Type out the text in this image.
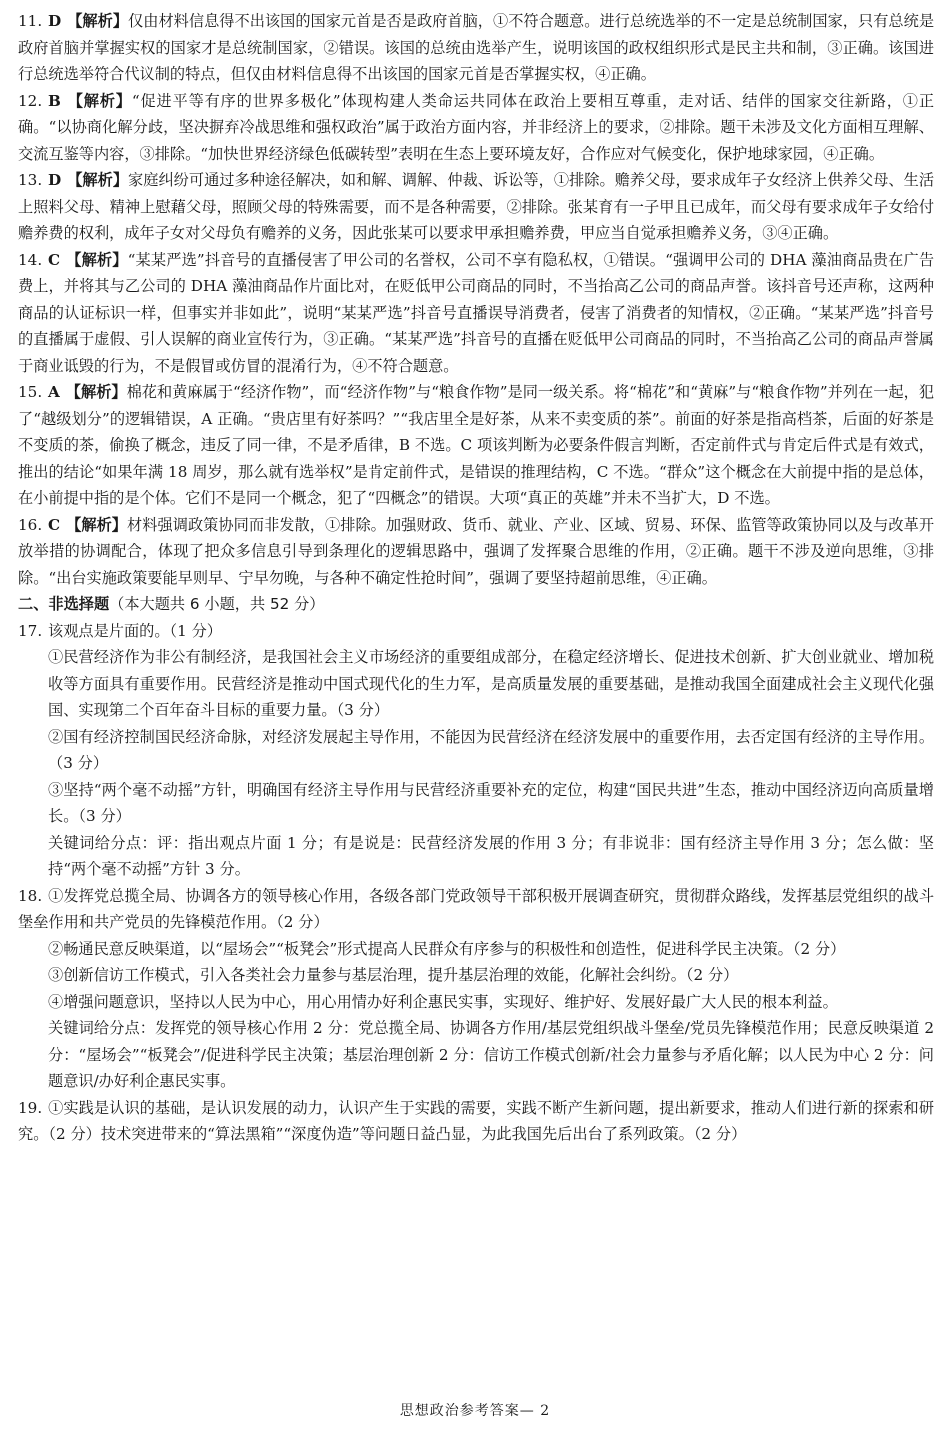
11. D 【解析】仅由材料信息得不出该国的国家元首是否是政府首脑，①不符合题意。进行总统选举的不一定是总统制国家，只有总统是政府首脑并掌握实权的国家才是总统制国家，②错误。该国的总统由选举产生，说明该国的政权组织形式是民主共和制，③正确。该国进行总统选举符合代议制的特点，但仅由材料信息得不出该国的国家元首是否掌握实权，④正确。
12. B 【解析】“促进平等有序的世界多极化”体现构建人类命运共同体在政治上要相互尊重，走对话、结伴的国家交往新路，①正确。“以协商化解分歧，坚决摒弃冷战思维和强权政治”属于政治方面内容，并非经济上的要求，②排除。题干未涉及文化方面相互理解、交流互鉴等内容，③排除。“加快世界经济绿色低碳转型”表明在生态上要环境友好，合作应对气候变化，保护地球家园，④正确。
13. D 【解析】家庭纠纷可通过多种途径解决，如和解、调解、仲裁、诉讼等，①排除。赡养父母，要求成年子女经济上供养父母、生活上照料父母、精神上慰藉父母，照顾父母的特殊需要，而不是各种需要，②排除。张某育有一子甲且已成年，而父母有要求成年子女给付赡养费的权利，成年子女对父母负有赡养的义务，因此张某可以要求甲承担赡养费，甲应当自觉承担赡养义务，③④正确。
14. C 【解析】“某某严选”抖音号的直播侵害了甲公司的名誉权，公司不享有隐私权，①错误。“强调甲公司的 DHA 藻油商品贵在广告费上，并将其与乙公司的 DHA 藻油商品作片面比对，在贬低甲公司商品的同时，不当抬高乙公司的商品声誉。该抖音号还声称，这两种商品的认证标识一样，但事实并非如此”，说明“某某严选”抖音号直播误导消费者，侵害了消费者的知情权，②正确。“某某严选”抖音号的直播属于虚假、引人误解的商业宣传行为，③正确。“某某严选”抖音号的直播在贬低甲公司商品的同时，不当抬高乙公司的商品声誉属于商业诋毁的行为，不是假冒或仿冒的混淆行为，④不符合题意。
15. A 【解析】棉花和黄麻属于“经济作物”，而“经济作物”与“粮食作物”是同一级关系。将“棉花”和“黄麻”与“粮食作物”并列在一起，犯了“越级划分”的逻辑错误，A 正确。“贵店里有好茶吗？”“我店里全是好茶，从来不卖变质的茶”。前面的好茶是指高档茶，后面的好茶是不变质的茶，偷换了概念，违反了同一律，不是矛盾律，B 不选。C 项该判断为必要条件假言判断，否定前件式与肯定后件式是有效式，推出的结论“如果年满 18 周岁，那么就有选举权”是肯定前件式，是错误的推理结构，C 不选。“群众”这个概念在大前提中指的是总体，在小前提中指的是个体。它们不是同一个概念，犯了“四概念”的错误。大项“真正的英雄”并未不当扩大，D 不选。
16. C 【解析】材料强调政策协同而非发散，①排除。加强财政、货币、就业、产业、区域、贸易、环保、监管等政策协同以及与改革开放举措的协调配合，体现了把众多信息引导到条理化的逻辑思路中，强调了发挥聚合思维的作用，②正确。题干不涉及逆向思维，③排除。“出台实施政策要能早则早、宁早勿晚，与各种不确定性抢时间”，强调了要坚持超前思维，④正确。
二、非选择题（本大题共 6 小题，共 52 分）
17. 该观点是片面的。（1 分）
①民营经济作为非公有制经济，是我国社会主义市场经济的重要组成部分，在稳定经济增长、促进技术创新、扩大创业就业、增加税收等方面具有重要作用。民营经济是推动中国式现代化的生力军，是高质量发展的重要基础，是推动我国全面建成社会主义现代化强国、实现第二个百年奋斗目标的重要力量。（3 分）
②国有经济控制国民经济命脉，对经济发展起主导作用，不能因为民营经济在经济发展中的重要作用，去否定国有经济的主导作用。（3 分）
③坚持“两个毫不动摇”方针，明确国有经济主导作用与民营经济重要补充的定位，构建“国民共进”生态，推动中国经济迈向高质量增长。（3 分）
关键词给分点：评：指出观点片面 1 分；有是说是：民营经济发展的作用 3 分；有非说非：国有经济主导作用 3 分；怎么做：坚持“两个毫不动摇”方针 3 分。
18. ①发挥党总揽全局、协调各方的领导核心作用，各级各部门党政领导干部积极开展调查研究，贯彻群众路线，发挥基层党组织的战斗堡垒作用和共产党员的先锋模范作用。（2 分）
②畅通民意反映渠道，以“屋场会”“板凳会”形式提高人民群众有序参与的积极性和创造性，促进科学民主决策。（2 分）
③创新信访工作模式，引入各类社会力量参与基层治理，提升基层治理的效能，化解社会纠纷。（2 分）
④增强问题意识，坚持以人民为中心，用心用情办好利企惠民实事，实现好、维护好、发展好最广大人民的根本利益。
关键词给分点：发挥党的领导核心作用 2 分：党总揽全局、协调各方作用/基层党组织战斗堡垒/党员先锋模范作用；民意反映渠道 2 分：“屋场会”“板凳会”/促进科学民主决策；基层治理创新 2 分：信访工作模式创新/社会力量参与矛盾化解；以人民为中心 2 分：问题意识/办好利企惠民实事。
19. ①实践是认识的基础，是认识发展的动力，认识产生于实践的需要，实践不断产生新问题，提出新要求，推动人们进行新的探索和研究。（2 分）技术突进带来的“算法黑箱”“深度伪造”等问题日益凸显，为此我国先后出台了系列政策。（2 分）
思想政治参考答案— 2
